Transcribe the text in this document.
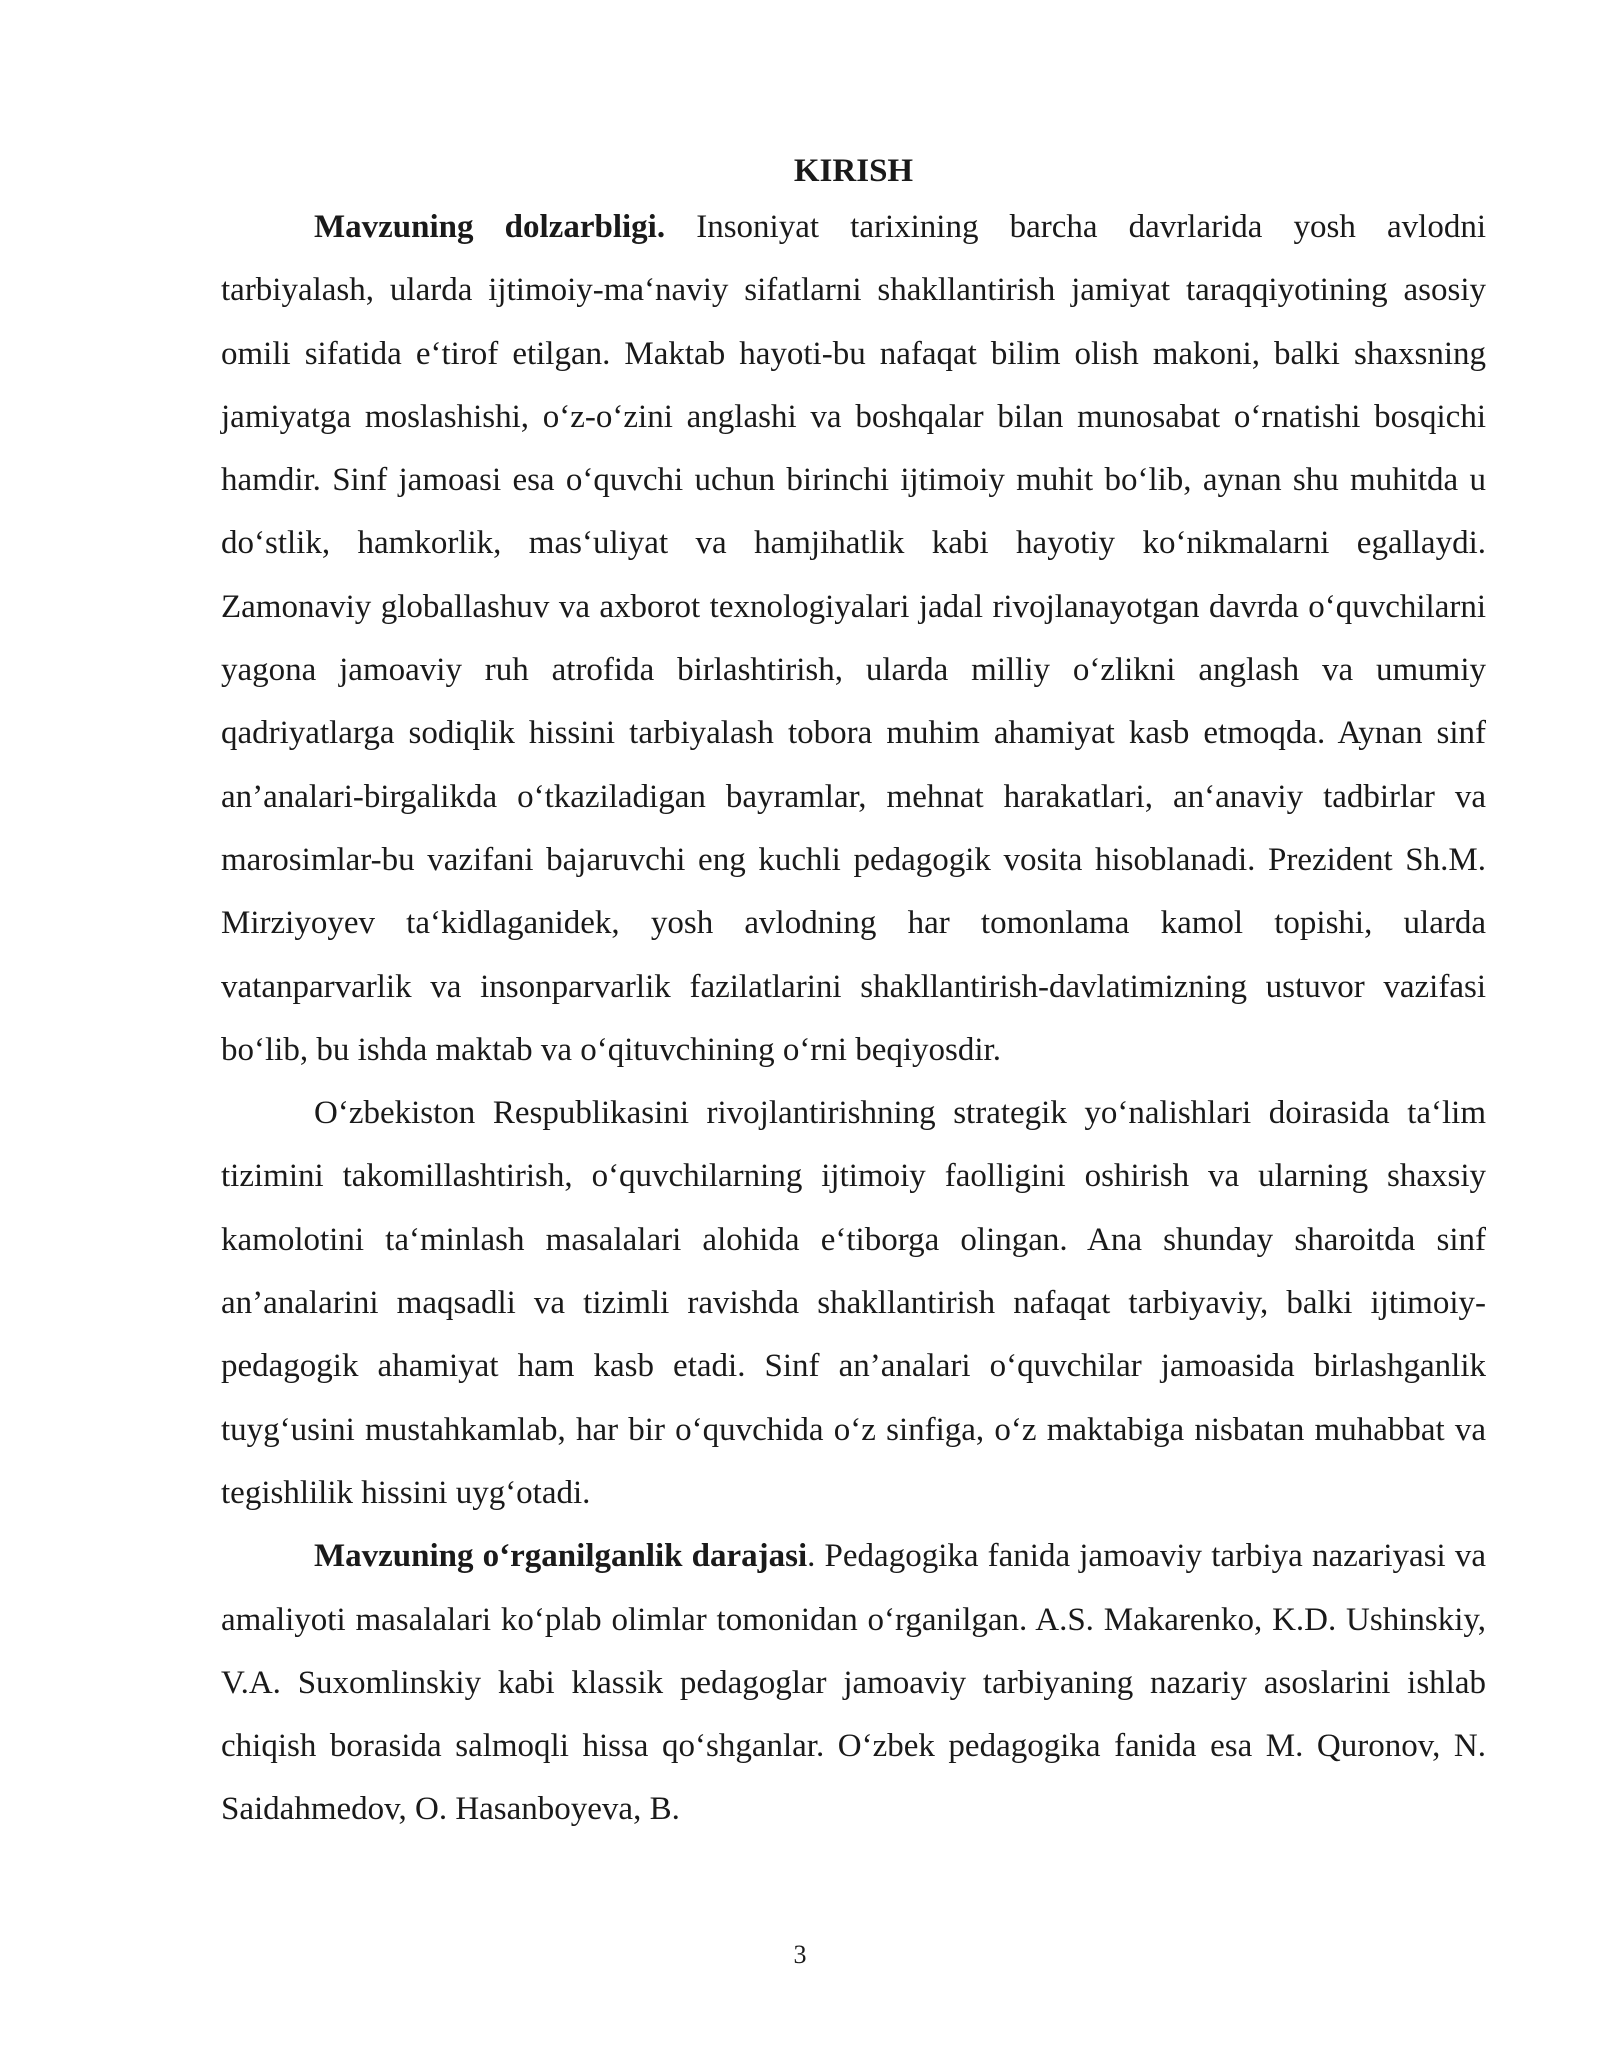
KIRISH

Mavzuning dolzarbligi. Insoniyat tarixining barcha davrlarida yosh avlodni tarbiyalash, ularda ijtimoiy-ma‘naviy sifatlarni shakllantirish jamiyat taraqqiyotining asosiy omili sifatida e‘tirof etilgan. Maktab hayoti-bu nafaqat bilim olish makoni, balki shaxsning jamiyatga moslashishi, o‘z-o‘zini anglashi va boshqalar bilan munosabat o‘rnatishi bosqichi hamdir. Sinf jamoasi esa o‘quvchi uchun birinchi ijtimoiy muhit bo‘lib, aynan shu muhitda u do‘stlik, hamkorlik, mas‘uliyat va hamjihatlik kabi hayotiy ko‘nikmalarni egallaydi. Zamonaviy globallashuv va axborot texnologiyalari jadal rivojlanayotgan davrda o‘quvchilarni yagona jamoaviy ruh atrofida birlashtirish, ularda milliy o‘zlikni anglash va umumiy qadriyatlarga sodiqlik hissini tarbiyalash tobora muhim ahamiyat kasb etmoqda. Aynan sinf an’analari-birgalikda o‘tkaziladigan bayramlar, mehnat harakatlari, an‘anaviy tadbirlar va marosimlar-bu vazifani bajaruvchi eng kuchli pedagogik vosita hisoblanadi. Prezident Sh.M. Mirziyoyev ta‘kidlaganidek, yosh avlodning har tomonlama kamol topishi, ularda vatanparvarlik va insonparvarlik fazilatlarini shakllantirish-davlatimizning ustuvor vazifasi bo‘lib, bu ishda maktab va o‘qituvchining o‘rni beqiyosdir.

O‘zbekiston Respublikasini rivojlantirishning strategik yo‘nalishlari doirasida ta‘lim tizimini takomillashtirish, o‘quvchilarning ijtimoiy faolligini oshirish va ularning shaxsiy kamolotini ta‘minlash masalalari alohida e‘tiborga olingan. Ana shunday sharoitda sinf an’analarini maqsadli va tizimli ravishda shakllantirish nafaqat tarbiyaviy, balki ijtimoiy-pedagogik ahamiyat ham kasb etadi. Sinf an’analari o‘quvchilar jamoasida birlashganlik tuyg‘usini mustahkamlab, har bir o‘quvchida o‘z sinfiga, o‘z maktabiga nisbatan muhabbat va tegishlilik hissini uyg‘otadi.

Mavzuning o‘rganilganlik darajasi. Pedagogika fanida jamoaviy tarbiya nazariyasi va amaliyoti masalalari ko‘plab olimlar tomonidan o‘rganilgan. A.S. Makarenko, K.D. Ushinskiy, V.A. Suxomlinskiy kabi klassik pedagoglar jamoaviy tarbiyaning nazariy asoslarini ishlab chiqish borasida salmoqli hissa qo‘shganlar. O‘zbek pedagogika fanida esa M. Quronov, N. Saidahmedov, O. Hasanboyeva, B.

3
